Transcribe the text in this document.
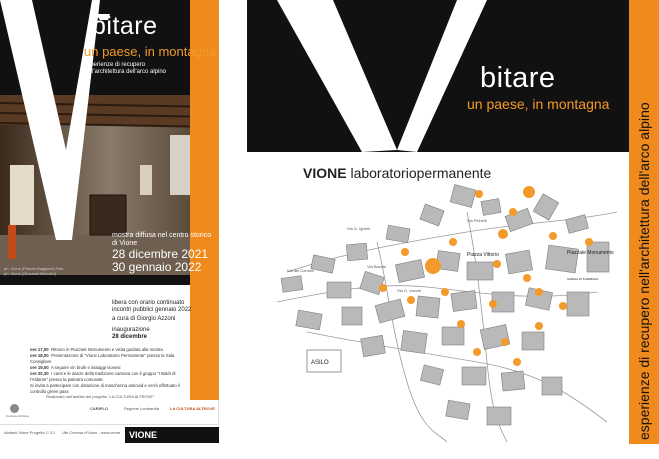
bitare
un paese, in montagna
esperienze di recupero nell'architettura dell'arco alpino
ph. Vione (Piazza Maggiore) Foto
ph. Vione (Giovanni Bertolini)
mostra diffusa nel centro storico di Vione
28 dicembre 2021
30 gennaio 2022
libera con orario continuato
incontri pubblici gennaio 2022
a cura di Giorgio Azzoni
inaugurazione
28 dicembre
ore 17,00 Ritrovo in Piazzale Monumento e visita guidata alla mostra
ore 18,00 Presentazione di "Vione Laboratorio Permanente" presso la Sala Consigliare
ore 19,00 A seguire vin brulè e assaggi vionesi
ore 20,30 I canti e le danze della tradizione camuna con il gruppo "I Balèt di l'Aldame" presso la palestra comunale
Si invita a partecipare con dotazione di mascherina antiovid e verrà effettuato il controllo green pass
Realizzato nell'ambito del progetto "LA CULTURA ALTROVE"
Comune di Vione
CARIPLO	Regione Lombardia	LA CULTURA ALTROVE
Abitanti Vione Progetto C.S.I Ufe Cinema d'Vione - www.vione VIONE laboratoriopermanente
esperienze di recupero nell'architettura dell'arco alpino
bitare
un paese, in montagna
VIONE laboratoriopermanente
ASILO
Piazzale Monumento
Piazza Vittorio
CHIESA DI S.REMIGIO
Via dei Cornelli
Via Bacchi
Via G. Vacchi
Via G. Ighelli
Via Pichelli
